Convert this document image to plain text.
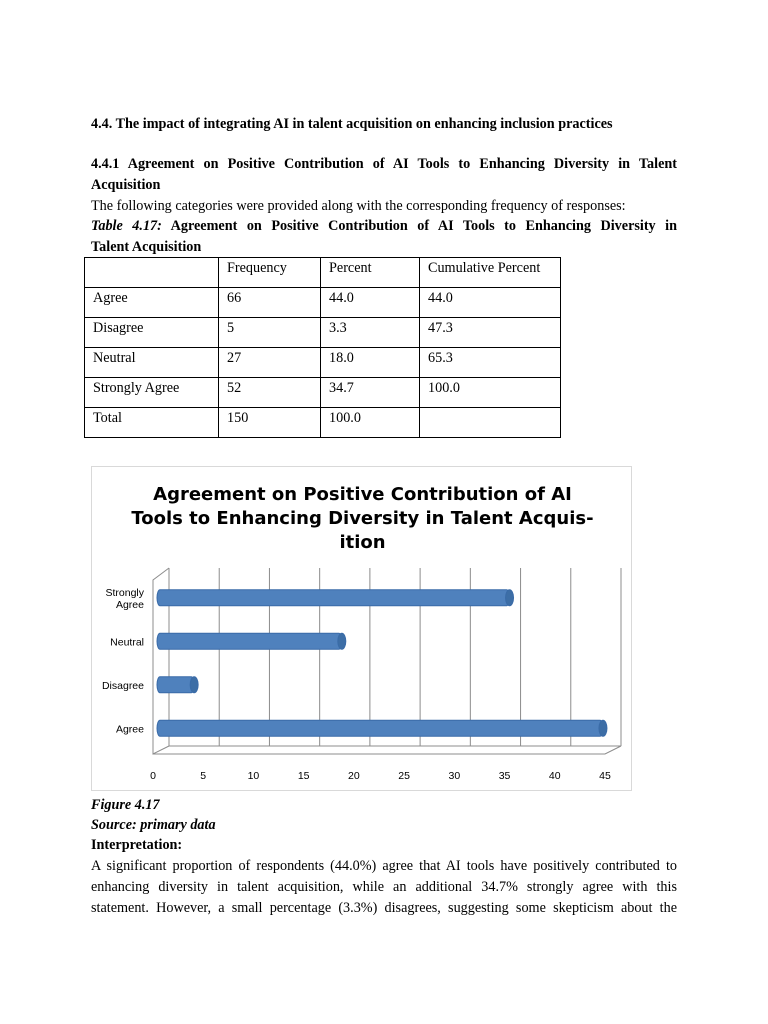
4.4. The impact of integrating AI in talent acquisition on enhancing inclusion practices
4.4.1 Agreement on Positive Contribution of AI Tools to Enhancing Diversity in Talent
Acquisition
The following categories were provided along with the corresponding frequency of responses:
Table 4.17: Agreement on Positive Contribution of AI Tools to Enhancing Diversity in
Talent Acquisition
	Frequency	Percent	Cumulative Percent
Agree	66	44.0	44.0
Disagree	5	3.3	47.3
Neutral	27	18.0	65.3
Strongly Agree	52	34.7	100.0
Total	150	100.0	
Agreement on Positive Contribution of AI
Tools to Enhancing Diversity in Talent Acquis-
ition
Agree
Disagree
Neutral
Strongly Agree
0	5	10	15	20	25	30	35	40	45
Figure 4.17
Source: primary data
Interpretation:
A significant proportion of respondents (44.0%) agree that AI tools have positively contributed to
enhancing diversity in talent acquisition, while an additional 34.7% strongly agree with this
statement. However, a small percentage (3.3%) disagrees, suggesting some skepticism about the
